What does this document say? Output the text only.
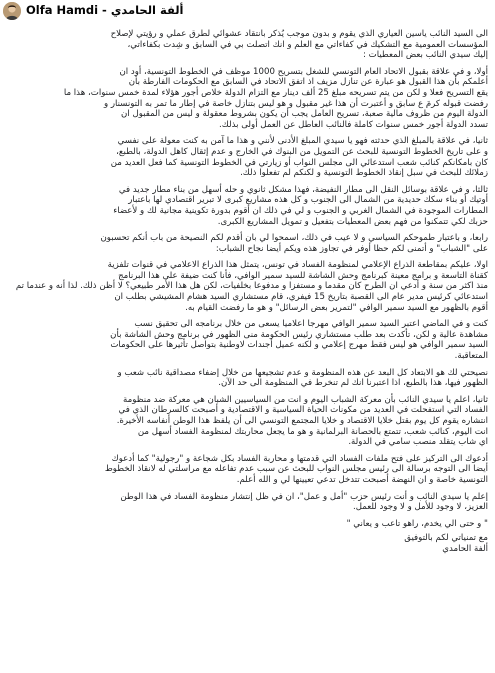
Olfa Hamdi - ألفة الحامدي

الى السيد النائب ياسين العياري الذي يقوم و بدون موجب يُذكر بانتقاد عشوائي لطرق عملي و رؤيتي لإصلاح
المؤسسات العمومية مع التشكيك في كفاءاتي مع العلم و انك اتصلت بي في السابق و شِدت بكفاءاتي،
إليك سيدي النائب بعض المعطيات :

أولا، و في علاقة بقبول الاتحاد العام التونسي للشغل بتسريح 1000 موظف في الخطوط التونسية، أود ان
أعلمكم بأن هذا القبول هو عبارة عن تنازل مزيف اذ اتفق الاتحاد في السابق مع الحكومات الفارطة بأن
يقع التسريح فعلا و لكن من يتم تسريحه مبلغ 25 ألف دينار مع التزام الدولة خلاص أجور هؤلاء لمدة خمس سنوات، هذا ما
رفضت قبوله كرمَ ع سابق و أعتبرت أن هذا غير مقبول و هو ليس بتنازل خاصة في إطار ما تمر به التونسنار و
الدولة اليوم من ظروف مالية صعبة، تسريح العامل يجب أن يكون بشروط معقولة و ليس من المقبول ان
تسدد الدولة أجور خمس سنوات كاملة فالنائب العاطل عن العمل أولى بذلك.

ثانيا، في علاقة بالمبلغ الذي حدثته فهو يا سيدي المبلغ الأدنى لأنني و هذا ما آمن به كنت معولة على نفسي
و على تاريخ الخطوط التونسية للبحث عن التمويل من البنوك في الخارج و عدم إثقال كاهل الدولة، بالطبع،
كان بامكانكم كنائب شعب استدعائي الى مجلس النواب أو زيارتي في الخطوط التونسية كما فعل العديد من
زملائك للبحث في سبل إنقاذ الخطوط التونسية و لكنكم لم تفعلوا ذلك.

ثالثا، و في علاقة بوسائل النقل الى مطار النفيضة، فهذا مشكل ثانوي و حله أسهل من بناء مطار جديد في
أوتيك أو بناء سكك حديدية من الشمال الى الجنوب و كل هذه مشاريع كبرى لا تبرير اقتصادي لها باعتبار
المطارات الموجودة في الشمال الغربي و الجنوب و لي في ذلك ان أقوم بدورة تكوينية مجانية لك و لأعضاء
حزبك لكي تتمكنوا من فهم بعض المعطيات بتفعيل و تمويل المشاريع الكبرى.

رابعا، و باعتبار طموحكم السياسي و لا عيب في ذلك، اسمحوا لي بان أقدم لكم النصيحة من باب أنكم تحسبون
على "الشباب" و أتمنى لكم حظا أوفر في تجاوز هذه ويكم أيضا نجاح الشباب:

اولا، عليكم بمقاطعة الذراع الإعلامي لمنظومة الفساد في تونس، يتمثل هذا الذراع الاعلامي في قنوات تلفزية
كقناة التاسعة و برامج معينة كبرنامج وحش الشاشة للسيد سمير الوافي، فأنا كنت ضيفة على هذا البرنامج
منذ اكثر من سنة و أدعي ان الطرح كان مقدما و مستفزا و مدفوعا بخلفيات، لكن هل هذا الأمر طبيعي؟ لا أظن ذلك. لذا أنه و عندما تم
استدعائي كرئيس مدير عام الى القصبة بتاريخ 15 فيفري، قام مستشاري السيد هشام المشيشي بطلب ان
أقوم بالظهور مع السيد سمير الوافي "لتمرير بعض الرسائل" و هو ما رفضت القيام به.

كنت و في الماضي اعتبر السيد سمير الوافي مهرجا اعلاميا يسعى من خلال برنامجه الى تحقيق نسب
مشاهدة عالية و لكن، تأكدت بعد طلب مستشاري رئيس الحكومة منى الظهور في برنامج وحش الشاشة بأن
السيد سمير الوافي هو ليس فقط مهرج إعلامي و لكنه عميل أجندات لاوطنية بتواصل تأثيرها على الحكومات
المتعاقبة.

نصيحتي لك هو الابتعاد كل البعد عن هذه المنظومة و عدم تشجيعها من خلال إضفاء مصداقية نائب شعب و
الظهور فيها، هذا بالطبع، اذا اعتبرنا انك لم تنخرط في المنظومة الى حد الآن.

ثانيا، اعلم يا سيدي النائب بأن معركة الشباب اليوم و انت من السياسيين الشبان هي معركة ضد منظومة
الفساد التي استفحلت في العديد من مكونات الحياة السياسية و الاقتصادية و أصبحت كالسرطان الذي في
انتشاره يقوم كل يوم بقتل خلايا الاقتصاد و خلايا المجتمع التونسي الى أن يلفظ هذا الوطن أنفاسه الأخيرة.
انت اليوم، كنائب شعب، تتمتع بالحصانة البرلمانية و هو ما يجعل محاربتك لمنظومة الفساد أسهل من
اي شاب يتقلد منصب سامي في الدولة.

أدعوك الى التركيز على فتح ملفات الفساد التي قدمتها و محاربة الفساد بكل شجاعة و "رجولية" كما أدعوك
أيضا الى التوجه برسالة الى رئيس مجلس النواب للبحث عن سبب عدم تفاعله مع مراسلتي له لانقاذ الخطوط
التونسية خاصة و ان النهضة أصبحت تتدخل تدعي تعيينها لي و الله أعلم.

إعلم يا سيدي النائب و أنت رئيس حزب "أمل و عمل"، ان في ظل إنتشار منظومة الفساد في هذا الوطن
العزيز، لا وجود للأمل و لا وجود للعمل.

" و حتى الي يخدم، راهو تاعب و يعاني "

مع تمنياتي لكم بالتوفيق
ألفة الحامدي
